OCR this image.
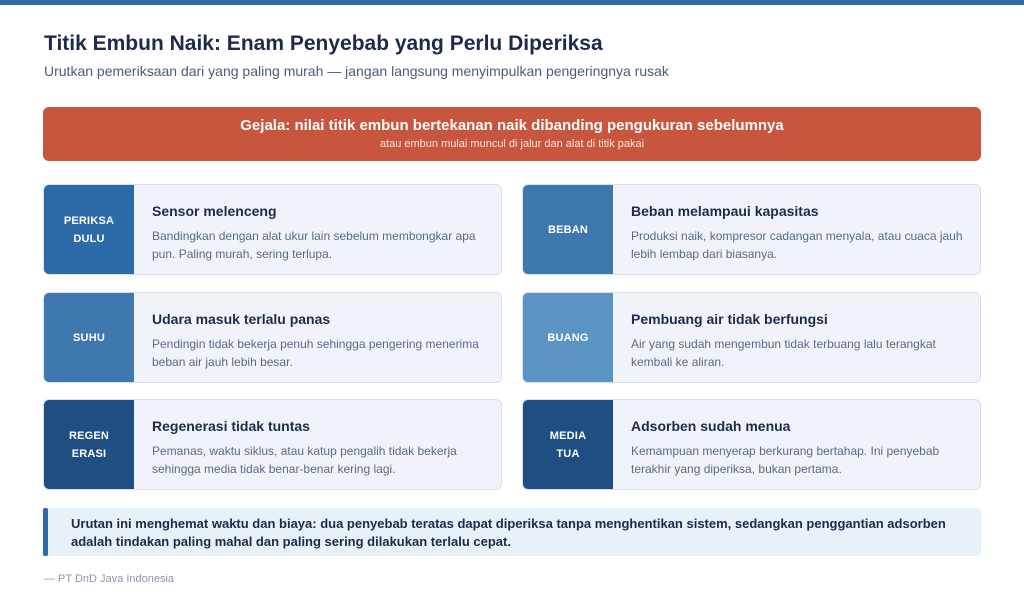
Titik Embun Naik: Enam Penyebab yang Perlu Diperiksa
Urutkan pemeriksaan dari yang paling murah — jangan langsung menyimpulkan pengeringnya rusak
Gejala: nilai titik embun bertekanan naik dibanding pengukuran sebelumnya
atau embun mulai muncul di jalur dan alat di titik pakai
PERIKSA
DULU
Sensor melenceng
Bandingkan dengan alat ukur lain sebelum membongkar apa pun. Paling murah, sering terlupa.
SUHU
Udara masuk terlalu panas
Pendingin tidak bekerja penuh sehingga pengering menerima beban air jauh lebih besar.
REGEN
ERASI
Regenerasi tidak tuntas
Pemanas, waktu siklus, atau katup pengalih tidak bekerja sehingga media tidak benar-benar kering lagi.
BEBAN
Beban melampaui kapasitas
Produksi naik, kompresor cadangan menyala, atau cuaca jauh lebih lembap dari biasanya.
BUANG
Pembuang air tidak berfungsi
Air yang sudah mengembun tidak terbuang lalu terangkat kembali ke aliran.
MEDIA
TUA
Adsorben sudah menua
Kemampuan menyerap berkurang bertahap. Ini penyebab terakhir yang diperiksa, bukan pertama.
Urutan ini menghemat waktu dan biaya: dua penyebab teratas dapat diperiksa tanpa menghentikan sistem, sedangkan penggantian adsorben adalah tindakan paling mahal dan paling sering dilakukan terlalu cepat.
— PT DnD Java Indonesia
